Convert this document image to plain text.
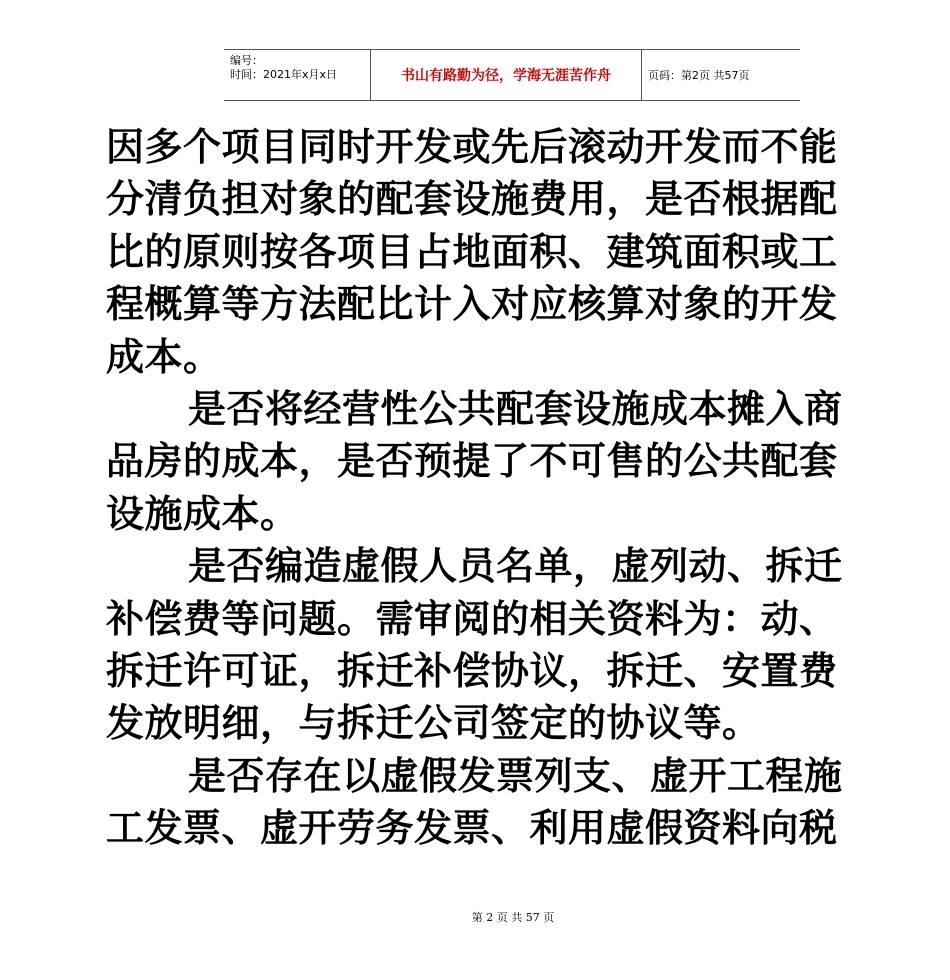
编号：
时间：2021年x月x日	书山有路勤为径，学海无涯苦作舟	页码：第2页 共57页
因多个项目同时开发或先后滚动开发而不能
分清负担对象的配套设施费用，是否根据配
比的原则按各项目占地面积、建筑面积或工
程概算等方法配比计入对应核算对象的开发
成本。
是否将经营性公共配套设施成本摊入商
品房的成本，是否预提了不可售的公共配套
设施成本。
是否编造虚假人员名单，虚列动、拆迁
补偿费等问题。需审阅的相关资料为：动、
拆迁许可证，拆迁补偿协议，拆迁、安置费
发放明细，与拆迁公司签定的协议等。
是否存在以虚假发票列支、虚开工程施
工发票、虚开劳务发票、利用虚假资料向税
第 2 页 共 57 页
